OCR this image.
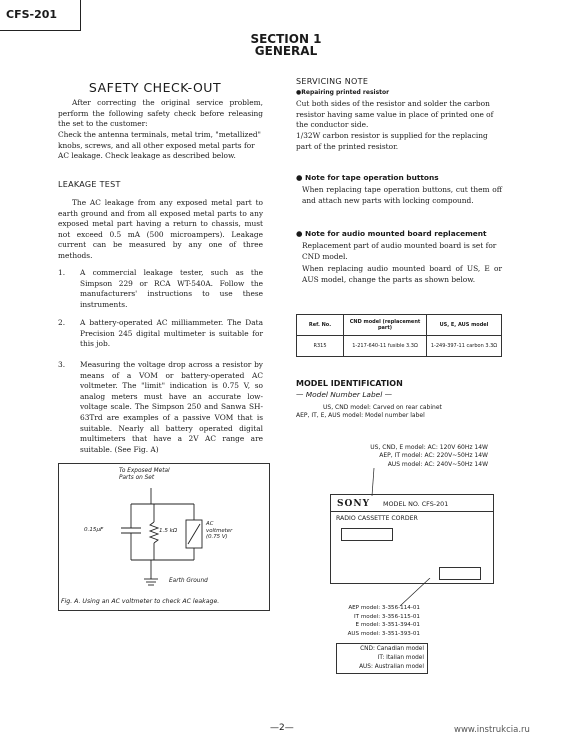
CFS-201
SECTION 1
GENERAL
SAFETY CHECK-OUT
After correcting the original service problem, perform the following safety check before releasing the set to the customer:
Check the antenna terminals, metal trim, "metallized" knobs, screws, and all other exposed metal parts for AC leakage. Check leakage as described below.
LEAKAGE TEST
The AC leakage from any exposed metal part to earth ground and from all exposed metal parts to any exposed metal part having a return to chassis, must not exceed 0.5 mA (500 microampers). Leakage current can be measured by any one of three methods.
1. A commercial leakage tester, such as the Simpson 229 or RCA WT-540A. Follow the manufacturers' instructions to use these instruments.
2. A battery-operated AC milliammeter. The Data Precision 245 digital multimeter is suitable for this job.
3. Measuring the voltage drop across a resistor by means of a VOM or battery-operated AC voltmeter. The "limit" indication is 0.75 V, so analog meters must have an accurate low-voltage scale. The Simpson 250 and Sanwa SH-63Trd are examples of a passive VOM that is suitable. Nearly all battery operated digital multimeters that have a 2V AC range are suitable. (See Fig. A)
To Exposed Metal
Parts on Set
0.15μF	1.5 kΩ
AC
voltmeter
(0.75 V)
Earth Ground
Fig. A. Using an AC voltmeter to check AC leakage.
SERVICING NOTE
●Repairing printed resistor
Cut both sides of the resistor and solder the carbon resistor having same value in place of printed one of the conductor side.
1/32W carbon resistor is supplied for the replacing part of the printed resistor.
● Note for tape operation buttons
When replacing tape operation buttons, cut them off and attach new parts with locking compound.
● Note for audio mounted board replacement
Replacement part of audio mounted board is set for CND model.
When replacing audio mounted board of US, E or AUS model, change the parts as shown below.
Ref. No.	CND model (replacement part)	US, E, AUS model
R315	1-217-640-11 fusible 3.3Ω	1-249-397-11 carbon 3.3Ω
MODEL IDENTIFICATION
— Model Number Label —
US, CND model: Carved on rear cabinet
AEP, IT, E, AUS model: Model number label
US, CND, E model: AC: 120V 60Hz 14W
AEP, IT model: AC: 220V~50Hz 14W
AUS model: AC: 240V~50Hz 14W
SONY MODEL NO. CFS-201
RADIO CASSETTE CORDER
AEP model: 3-356-114-01
IT model: 3-356-115-01
E model: 3-351-394-01
AUS model: 3-351-393-01
CND: Canadian model
IT: Italian model
AUS: Australian model
—2—	www.instrukcia.ru
